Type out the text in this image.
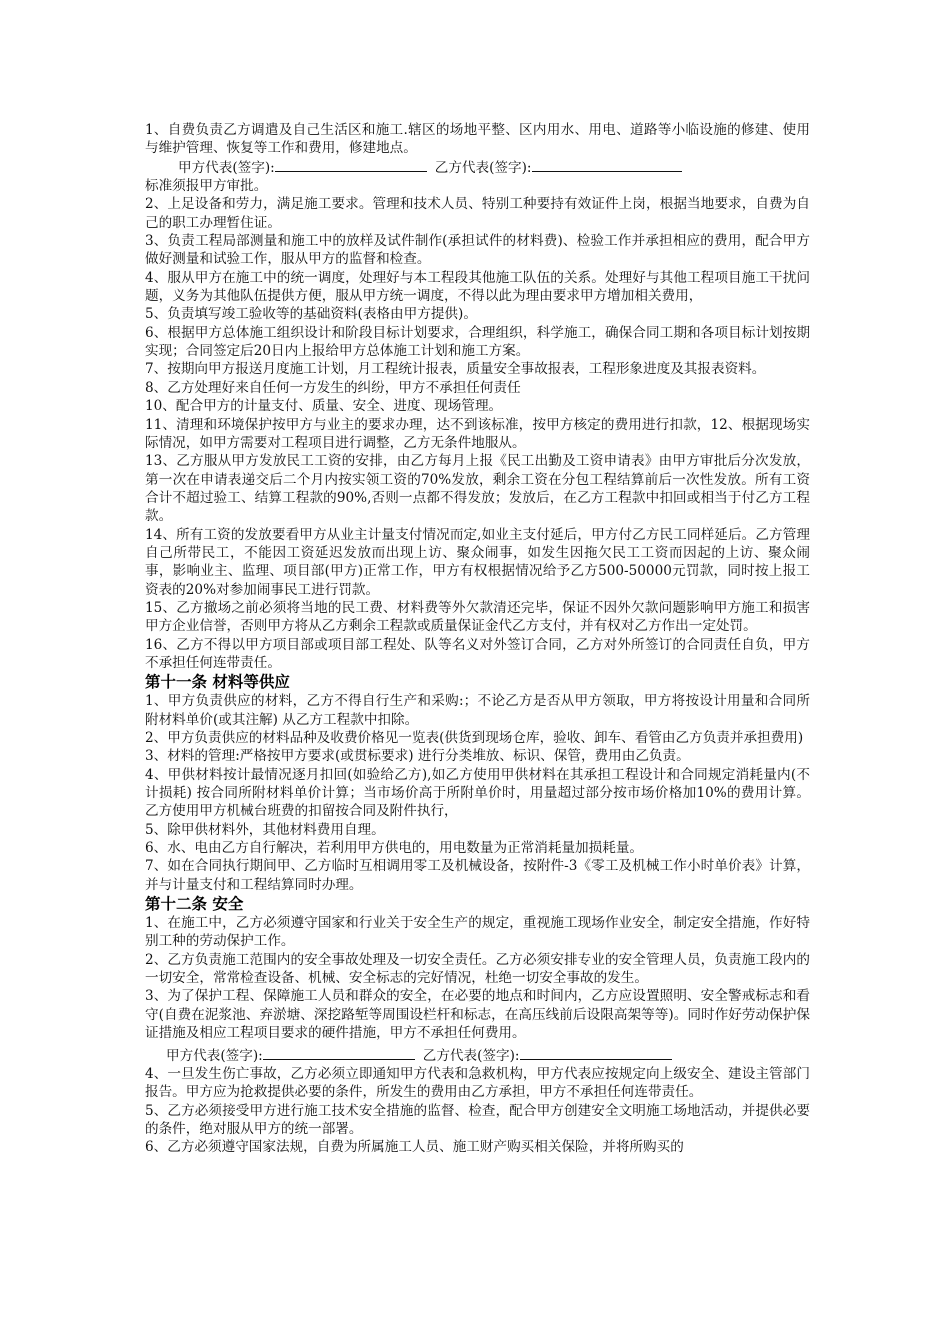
1、自费负责乙方调遣及自己生活区和施工.辖区的场地平整、区内用水、用电、道路等小临设施的修建、使用与维护管理、恢复等工作和费用，修建地点。

甲方代表(签字):	乙方代表(签字):

标准须报甲方审批。

2、上足设备和劳力，满足施工要求。管理和技术人员、特别工种要持有效证件上岗，根据当地要求，自费为自己的职工办理暂住证。

3、负责工程局部测量和施工中的放样及试件制作(承担试件的材料费)、检验工作并承担相应的费用，配合甲方做好测量和试验工作，服从甲方的监督和检查。

4、服从甲方在施工中的统一调度，处理好与本工程段其他施工队伍的关系。处理好与其他工程项目施工干扰问题，义务为其他队伍提供方便，服从甲方统一调度，不得以此为理由要求甲方增加相关费用，

5、负责填写竣工验收等的基础资料(表格由甲方提供)。

6、根据甲方总体施工组织设计和阶段目标计划要求，合理组织，科学施工，确保合同工期和各项目标计划按期实现；合同签定后20日内上报给甲方总体施工计划和施工方案。

7、按期向甲方报送月度施工计划，月工程统计报表，质量安全事故报表，工程形象进度及其报表资料。

8、乙方处理好来自任何一方发生的纠纷，甲方不承担任何责任

10、配合甲方的计量支付、质量、安全、进度、现场管理。

11、清理和环境保护按甲方与业主的要求办理，达不到该标准，按甲方核定的费用进行扣款，12、根据现场实际情况，如甲方需要对工程项目进行调整，乙方无条件地服从。

13、乙方服从甲方发放民工工资的安排，由乙方每月上报《民工出勤及工资申请表》由甲方审批后分次发放，第一次在申请表递交后二个月内按实领工资的70%发放，剩余工资在分包工程结算前后一次性发放。所有工资合计不超过验工、结算工程款的90%,否则一点都不得发放；发放后，在乙方工程款中扣回或相当于付乙方工程款。

14、所有工资的发放要看甲方从业主计量支付情况而定,如业主支付延后，甲方付乙方民工同样延后。乙方管理自己所带民工，不能因工资延迟发放而出现上访、聚众闹事，如发生因拖欠民工工资而因起的上访、聚众闹事，影响业主、监理、项目部(甲方)正常工作，甲方有权根据情况给予乙方500-50000元罚款，同时按上报工资表的20%对参加闹事民工进行罚款。

15、乙方撤场之前必须将当地的民工费、材料费等外欠款清还完毕，保证不因外欠款问题影响甲方施工和损害甲方企业信誉，否则甲方将从乙方剩余工程款或质量保证金代乙方支付，并有权对乙方作出一定处罚。

16、乙方不得以甲方项目部或项目部工程处、队等名义对外签订合同，乙方对外所签订的合同责任自负，甲方不承担任何连带责任。

第十一条 材料等供应

1、甲方负责供应的材料，乙方不得自行生产和采购:；不论乙方是否从甲方领取，甲方将按设计用量和合同所附材料单价(或其注解) 从乙方工程款中扣除。

2、甲方负责供应的材料品种及收费价格见一览表(供货到现场仓库，验收、卸车、看管由乙方负责并承担费用)

3、材料的管理:严格按甲方要求(或贯标要求) 进行分类堆放、标识、保管，费用由乙负责。

4、甲供材料按计最情况逐月扣回(如验给乙方),如乙方使用甲供材料在其承担工程设计和合同规定消耗量内(不计损耗) 按合同所附材料单价计算；当市场价高于所附单价时，用量超过部分按市场价格加10%的费用计算。乙方使用甲方机械台班费的扣留按合同及附件执行，

5、除甲供材料外，其他材料费用自理。

6、水、电由乙方自行解决，若利用甲方供电的，用电数量为正常消耗量加损耗量。

7、如在合同执行期间甲、乙方临时互相调用零工及机械设备，按附件-3《零工及机械工作小时单价表》计算，并与计量支付和工程结算同时办理。

第十二条 安全

1、在施工中，乙方必须遵守国家和行业关于安全生产的规定，重视施工现场作业安全，制定安全措施，作好特别工种的劳动保护工作。

2、乙方负责施工范围内的安全事故处理及一切安全责任。乙方必须安排专业的安全管理人员，负责施工段内的一切安全，常常检查设备、机械、安全标志的完好情况，杜绝一切安全事故的发生。

3、为了保护工程、保障施工人员和群众的安全，在必要的地点和时间内，乙方应设置照明、安全警戒标志和看守(自费在泥浆池、弃淤塘、深挖路堑等周围设栏杆和标志，在高压线前后设限高架等等)。同时作好劳动保护保证措施及相应工程项目要求的硬件措施，甲方不承担任何费用。

甲方代表(签字):	乙方代表(签字):

4、一旦发生伤亡事故，乙方必须立即通知甲方代表和急救机构，甲方代表应按规定向上级安全、建设主管部门报告。甲方应为抢救提供必要的条件，所发生的费用由乙方承担，甲方不承担任何连带责任。

5、乙方必须接受甲方进行施工技术安全措施的监督、检查，配合甲方创建安全文明施工场地活动，并提供必要的条件，绝对服从甲方的统一部署。

6、乙方必须遵守国家法规，自费为所属施工人员、施工财产购买相关保险，并将所购买的
